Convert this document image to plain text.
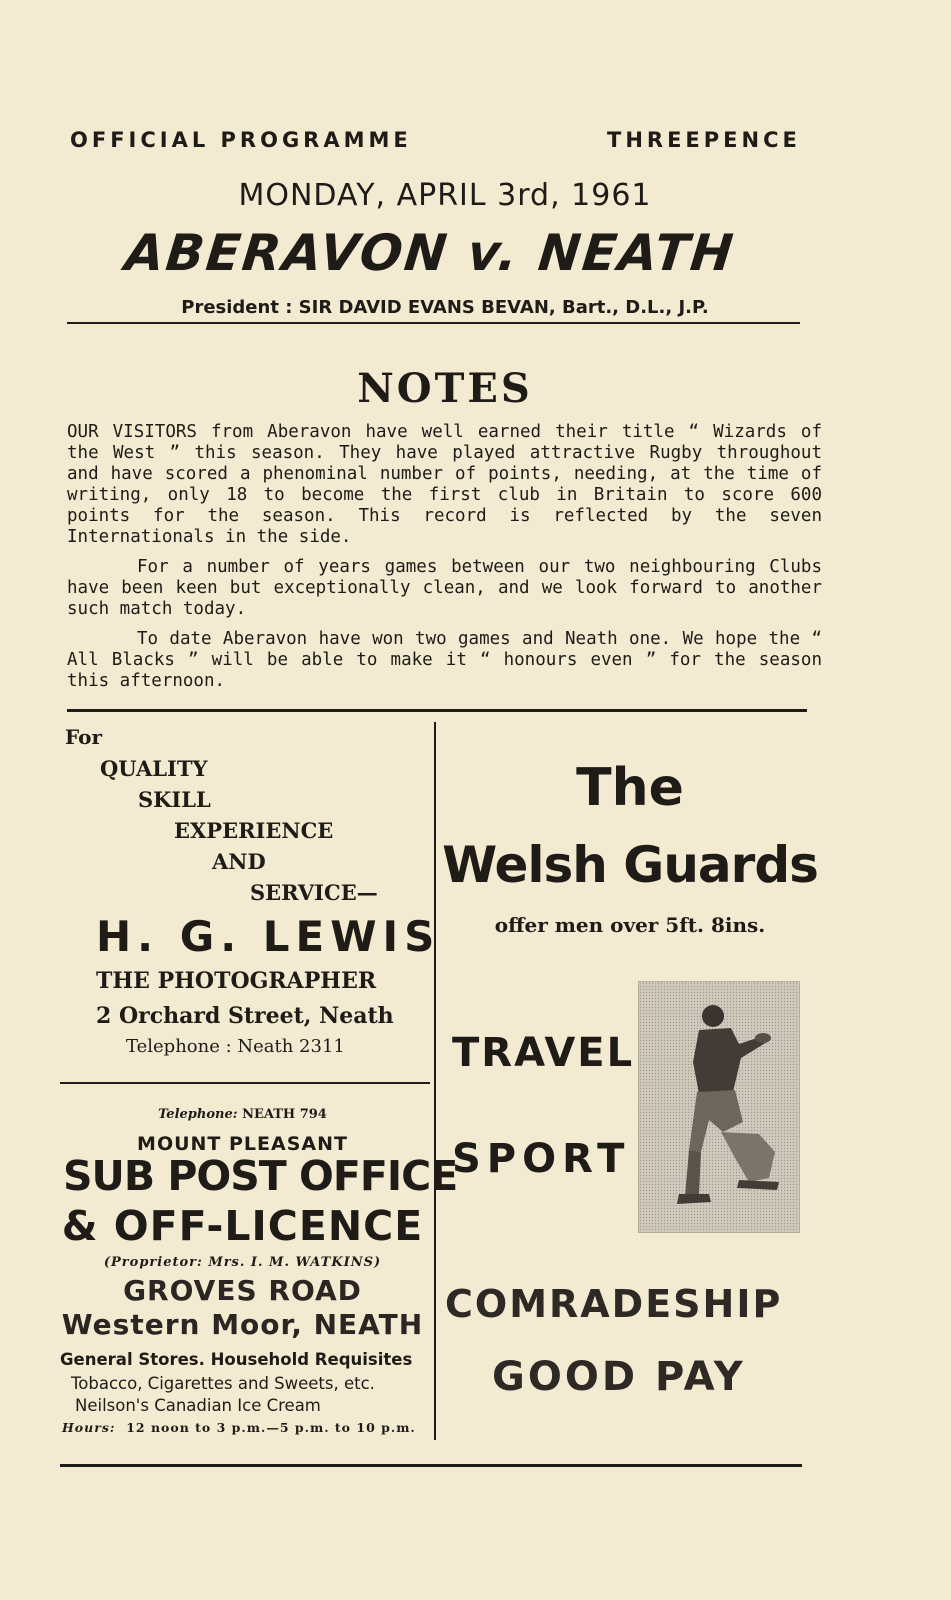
OFFICIAL PROGRAMME	THREEPENCE
MONDAY, APRIL 3rd, 1961
ABERAVON v. NEATH
President : SIR DAVID EVANS BEVAN, Bart., D.L., J.P.
NOTES

OUR VISITORS from Aberavon have well earned their title “ Wizards of the West ” this season. They have played attractive Rugby throughout and have scored a phenominal number of points, needing, at the time of writing, only 18 to become the first club in Britain to score 600 points for the season. This record is reflected by the seven Internationals in the side.

For a number of years games between our two neighbouring Clubs have been keen but exceptionally clean, and we look forward to another such match today.

To date Aberavon have won two games and Neath one. We hope the “ All Blacks ” will be able to make it “ honours even ” for the season this afternoon.

For
QUALITY
SKILL
EXPERIENCE
AND
SERVICE—
H. G. LEWIS
THE PHOTOGRAPHER
2 Orchard Street, Neath
Telephone : Neath 2311
Telephone: NEATH 794
MOUNT PLEASANT
SUB POST OFFICE
& OFF-LICENCE
(Proprietor: Mrs. I. M. WATKINS)
GROVES ROAD
Western Moor, NEATH
General Stores. Household Requisites
Tobacco, Cigarettes and Sweets, etc.
Neilson's Canadian Ice Cream
Hours: 12 noon to 3 p.m.—5 p.m. to 10 p.m.
The
Welsh Guards
offer men over 5ft. 8ins.
TRAVEL
SPORT
COMRADESHIP
GOOD PAY
